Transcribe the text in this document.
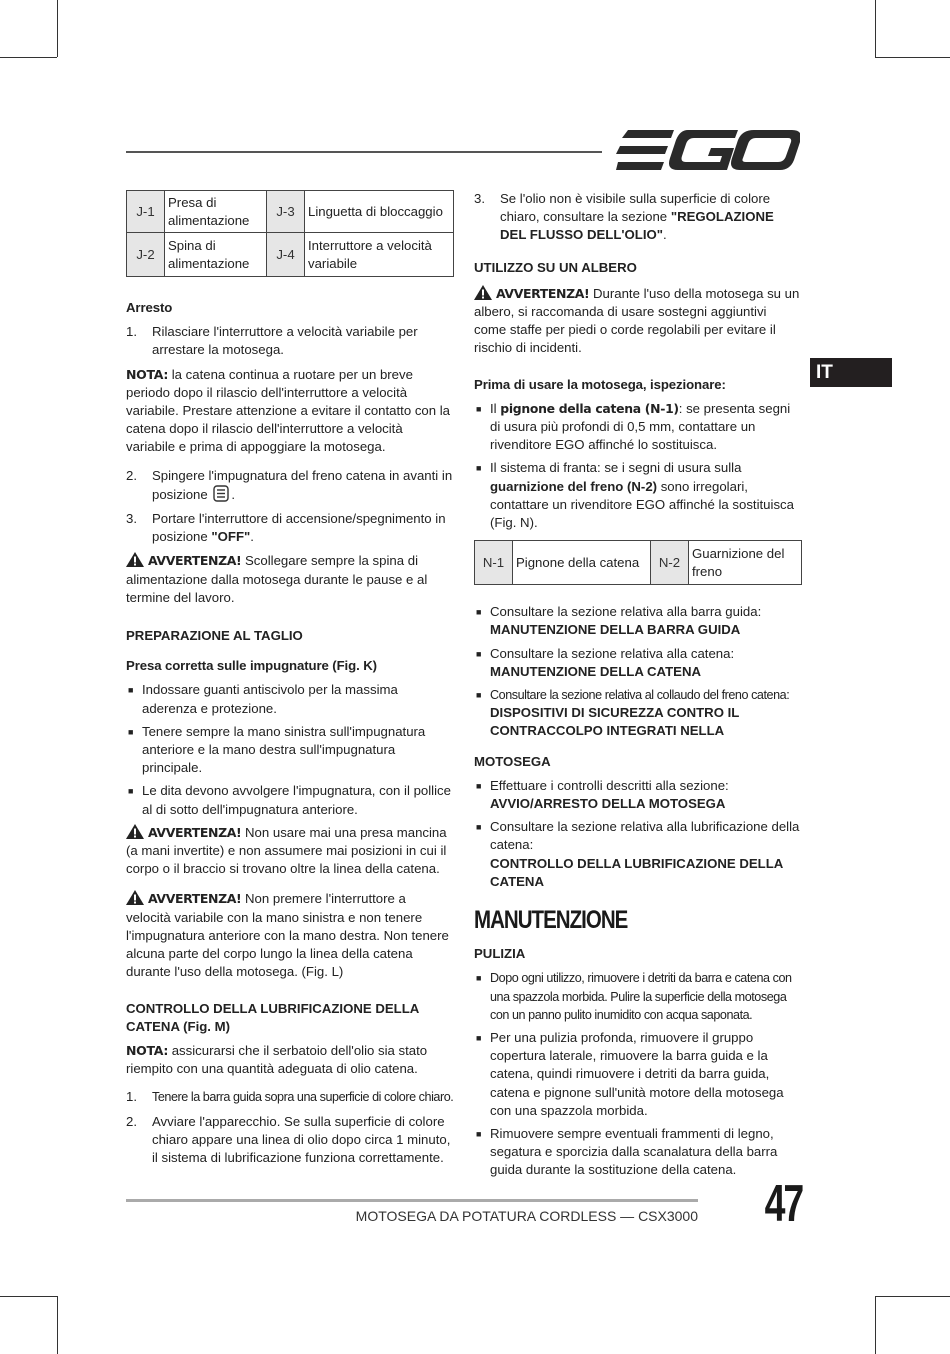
IT
J-1	Presa di alimentazione	J-3	Linguetta di bloccaggio
J-2	Spina di alimentazione	J-4	Interruttore a velocità variabile
Arresto
1.	Rilasciare l'interruttore a velocità variabile per arrestare la motosega.
NOTA: la catena continua a ruotare per un breve periodo dopo il rilascio dell'interruttore a velocità variabile. Prestare attenzione a evitare il contatto con la catena dopo il rilascio dell'interruttore a velocità variabile e prima di appoggiare la motosega.
2.	Spingere l'impugnatura del freno catena in avanti in posizione .
3.	Portare l'interruttore di accensione/spegnimento in posizione "OFF".
AVVERTENZA! Scollegare sempre la spina di alimentazione dalla motosega durante le pause e al termine del lavoro.
PREPARAZIONE AL TAGLIO
Presa corretta sulle impugnature (Fig. K)
■ Indossare guanti antiscivolo per la massima aderenza e protezione.
■ Tenere sempre la mano sinistra sull'impugnatura anteriore e la mano destra sull'impugnatura principale.
■ Le dita devono avvolgere l'impugnatura, con il pollice al di sotto dell'impugnatura anteriore.
AVVERTENZA! Non usare mai una presa mancina (a mani invertite) e non assumere mai posizioni in cui il corpo o il braccio si trovano oltre la linea della catena.
AVVERTENZA! Non premere l'interruttore a velocità variabile con la mano sinistra e non tenere l'impugnatura anteriore con la mano destra. Non tenere alcuna parte del corpo lungo la linea della catena durante l'uso della motosega. (Fig. L)
CONTROLLO DELLA LUBRIFICAZIONE DELLA CATENA (Fig. M)
NOTA: assicurarsi che il serbatoio dell'olio sia stato riempito con una quantità adeguata di olio catena.
1.	Tenere la barra guida sopra una superficie di colore chiaro.
2.	Avviare l'apparecchio. Se sulla superficie di colore chiaro appare una linea di olio dopo circa 1 minuto, il sistema di lubrificazione funziona correttamente.
3.	Se l'olio non è visibile sulla superficie di colore chiaro, consultare la sezione "REGOLAZIONE DEL FLUSSO DELL'OLIO".
UTILIZZO SU UN ALBERO
AVVERTENZA! Durante l'uso della motosega su un albero, si raccomanda di usare sostegni aggiuntivi come staffe per piedi o corde regolabili per evitare il rischio di incidenti.
Prima di usare la motosega, ispezionare:
■ Il pignone della catena (N-1): se presenta segni di usura più profondi di 0,5 mm, contattare un rivenditore EGO affinché lo sostituisca.
■ Il sistema di franta: se i segni di usura sulla guarnizione del freno (N-2) sono irregolari, contattare un rivenditore EGO affinché la sostituisca (Fig. N).
N-1	Pignone della catena	N-2	Guarnizione del freno
■ Consultare la sezione relativa alla barra guida:
MANUTENZIONE DELLA BARRA GUIDA
■ Consultare la sezione relativa alla catena:
MANUTENZIONE DELLA CATENA
■ Consultare la sezione relativa al collaudo del freno catena:
DISPOSITIVI DI SICUREZZA CONTRO IL CONTRACCOLPO INTEGRATI NELLA
MOTOSEGA
■ Effettuare i controlli descritti alla sezione:
AVVIO/ARRESTO DELLA MOTOSEGA
■ Consultare la sezione relativa alla lubrificazione della catena:
CONTROLLO DELLA LUBRIFICAZIONE DELLA CATENA
MANUTENZIONE
PULIZIA
■ Dopo ogni utilizzo, rimuovere i detriti da barra e catena con una spazzola morbida. Pulire la superficie della motosega con un panno pulito inumidito con acqua saponata.
■ Per una pulizia profonda, rimuovere il gruppo copertura laterale, rimuovere la barra guida e la catena, quindi rimuovere i detriti da barra guida, catena e pignone sull'unità motore della motosega con una spazzola morbida.
■ Rimuovere sempre eventuali frammenti di legno, segatura e sporcizia dalla scanalatura della barra guida durante la sostituzione della catena.
MOTOSEGA DA POTATURA CORDLESS — CSX3000 47
